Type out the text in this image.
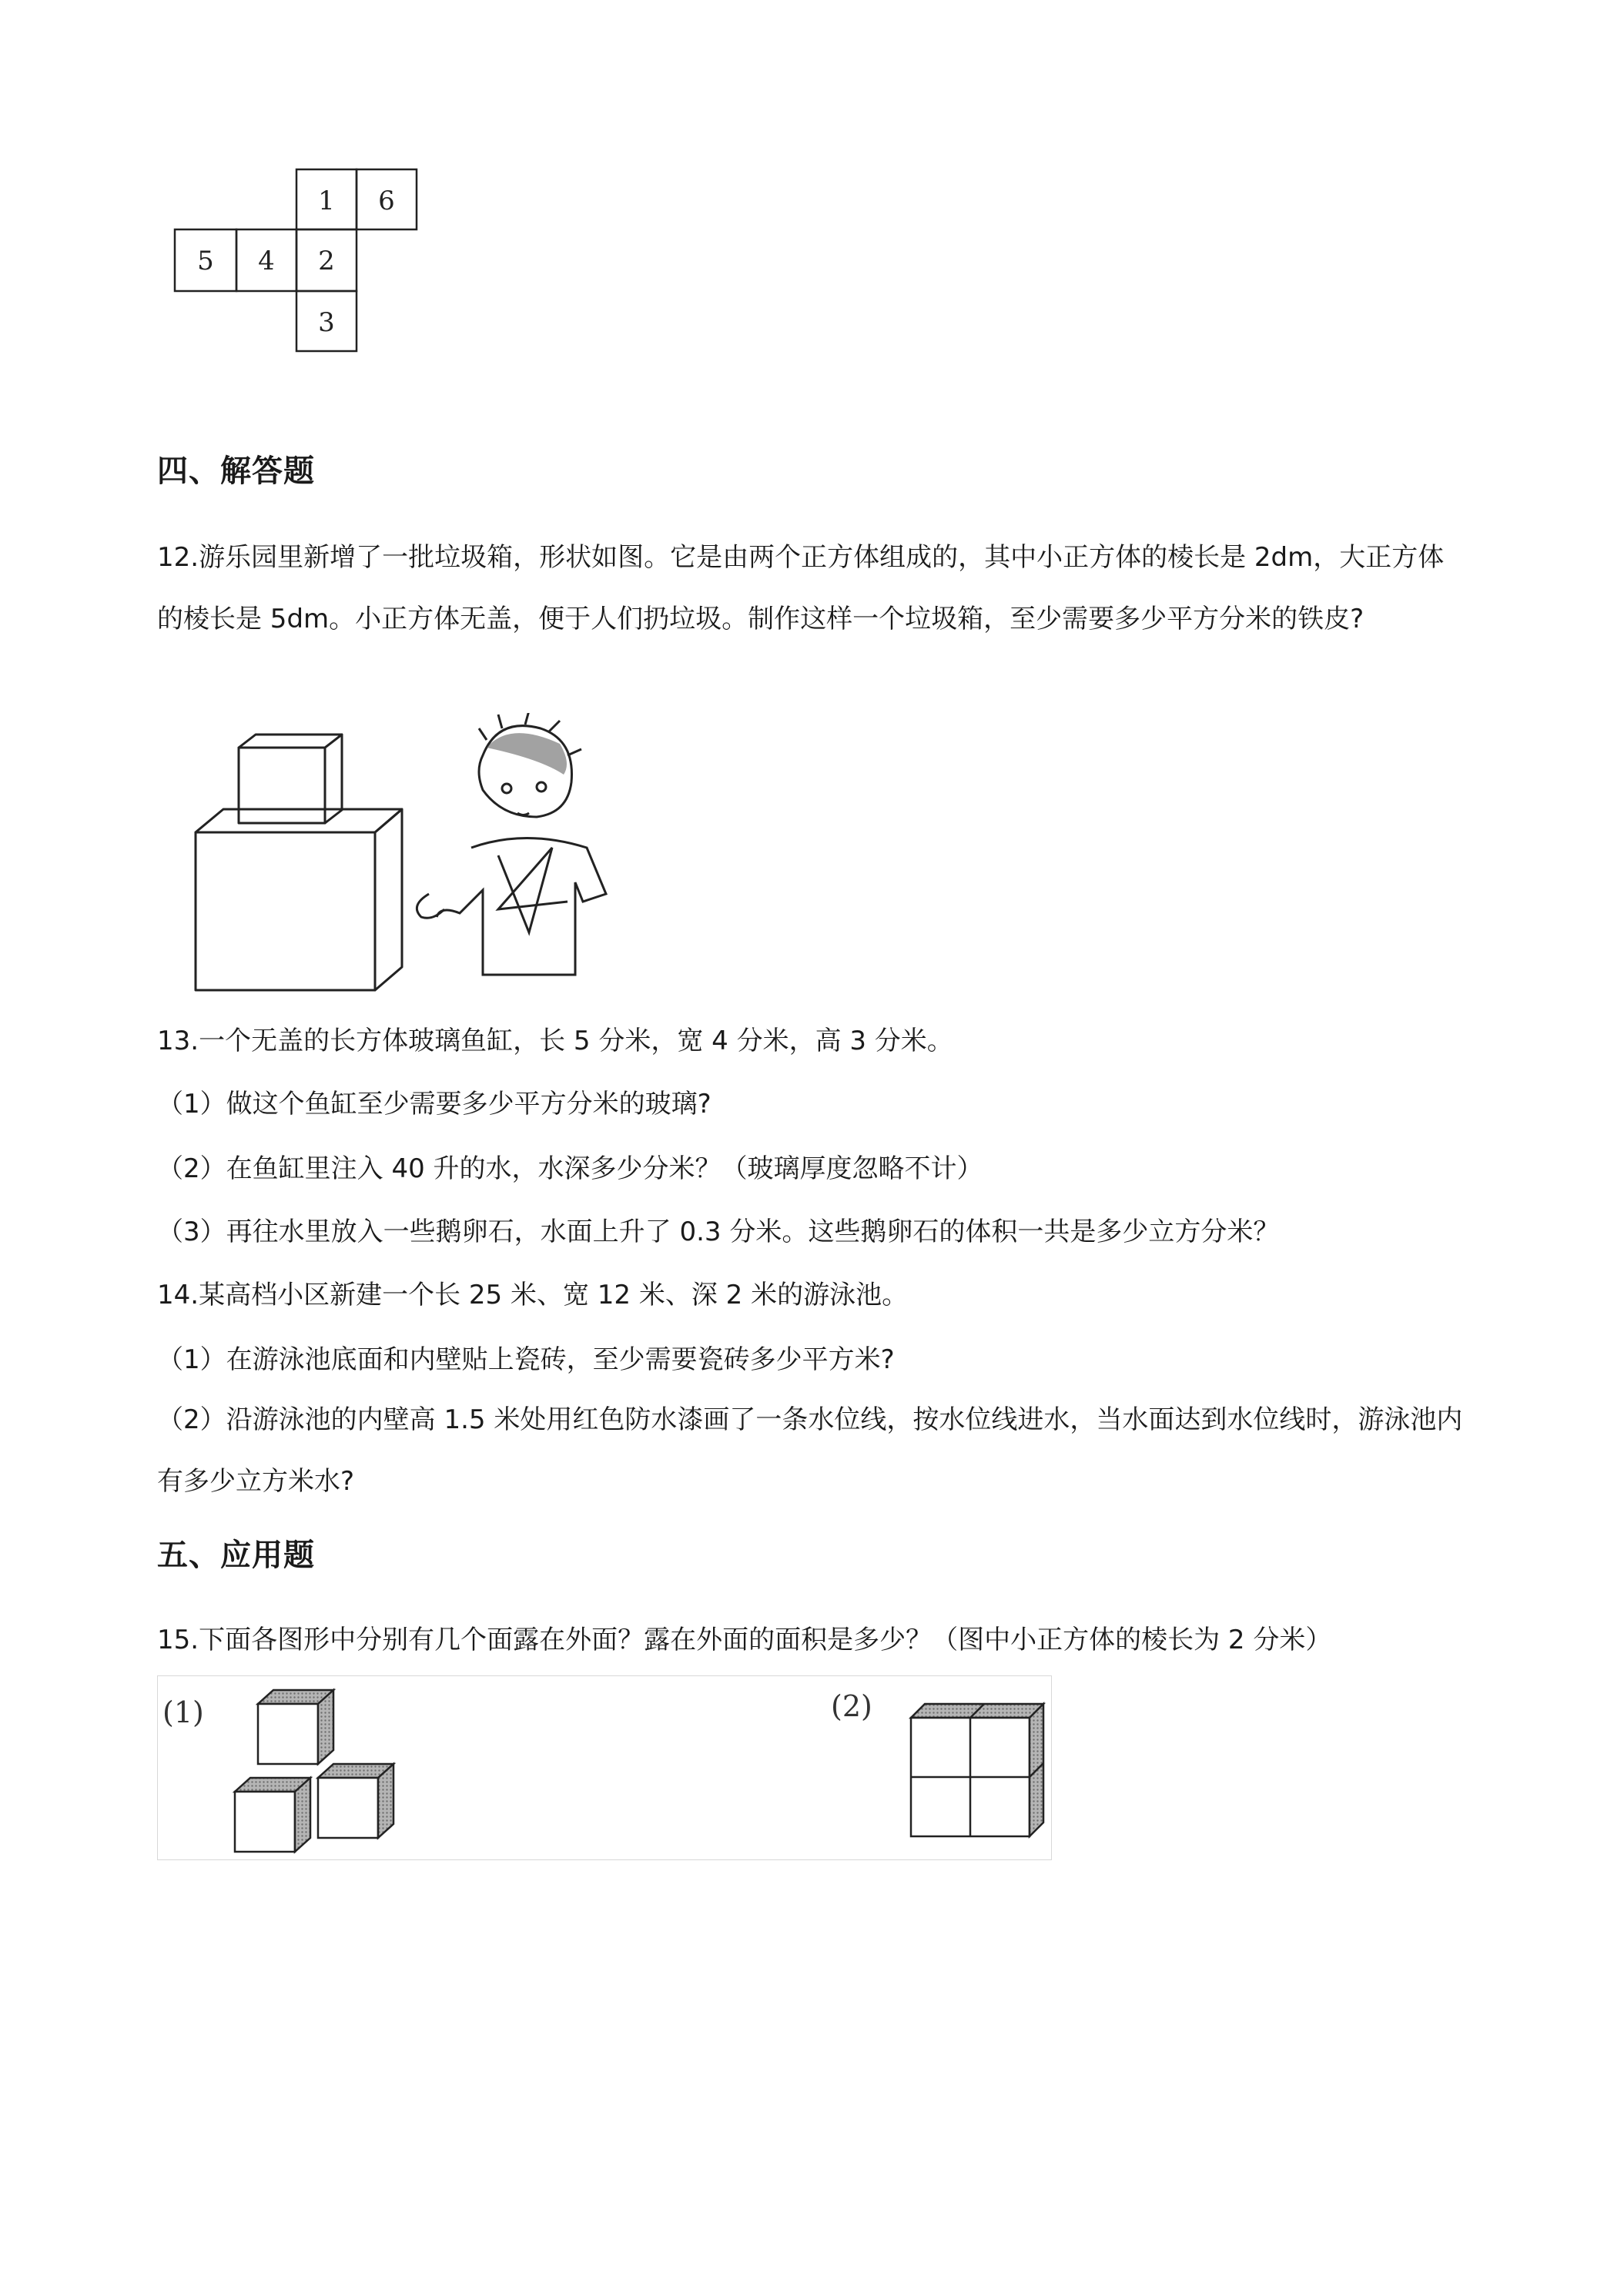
1 6
5 4 2
3
四、解答题
12.游乐园里新增了一批垃圾箱，形状如图。它是由两个正方体组成的，其中小正方体的棱长是 2dm，大正方体的棱长是 5dm。小正方体无盖，便于人们扔垃圾。制作这样一个垃圾箱，至少需要多少平方分米的铁皮?
13.一个无盖的长方体玻璃鱼缸，长 5 分米，宽 4 分米，高 3 分米。
（1）做这个鱼缸至少需要多少平方分米的玻璃?
（2）在鱼缸里注入 40 升的水，水深多少分米？（玻璃厚度忽略不计）
（3）再往水里放入一些鹅卵石，水面上升了 0.3 分米。这些鹅卵石的体积一共是多少立方分米？
14.某高档小区新建一个长 25 米、宽 12 米、深 2 米的游泳池。
（1）在游泳池底面和内壁贴上瓷砖，至少需要瓷砖多少平方米?
（2）沿游泳池的内壁高 1.5 米处用红色防水漆画了一条水位线，按水位线进水，当水面达到水位线时，游泳池内有多少立方米水?
五、应用题
15.下面各图形中分别有几个面露在外面？露在外面的面积是多少？（图中小正方体的棱长为 2 分米）
(1)	(2)
